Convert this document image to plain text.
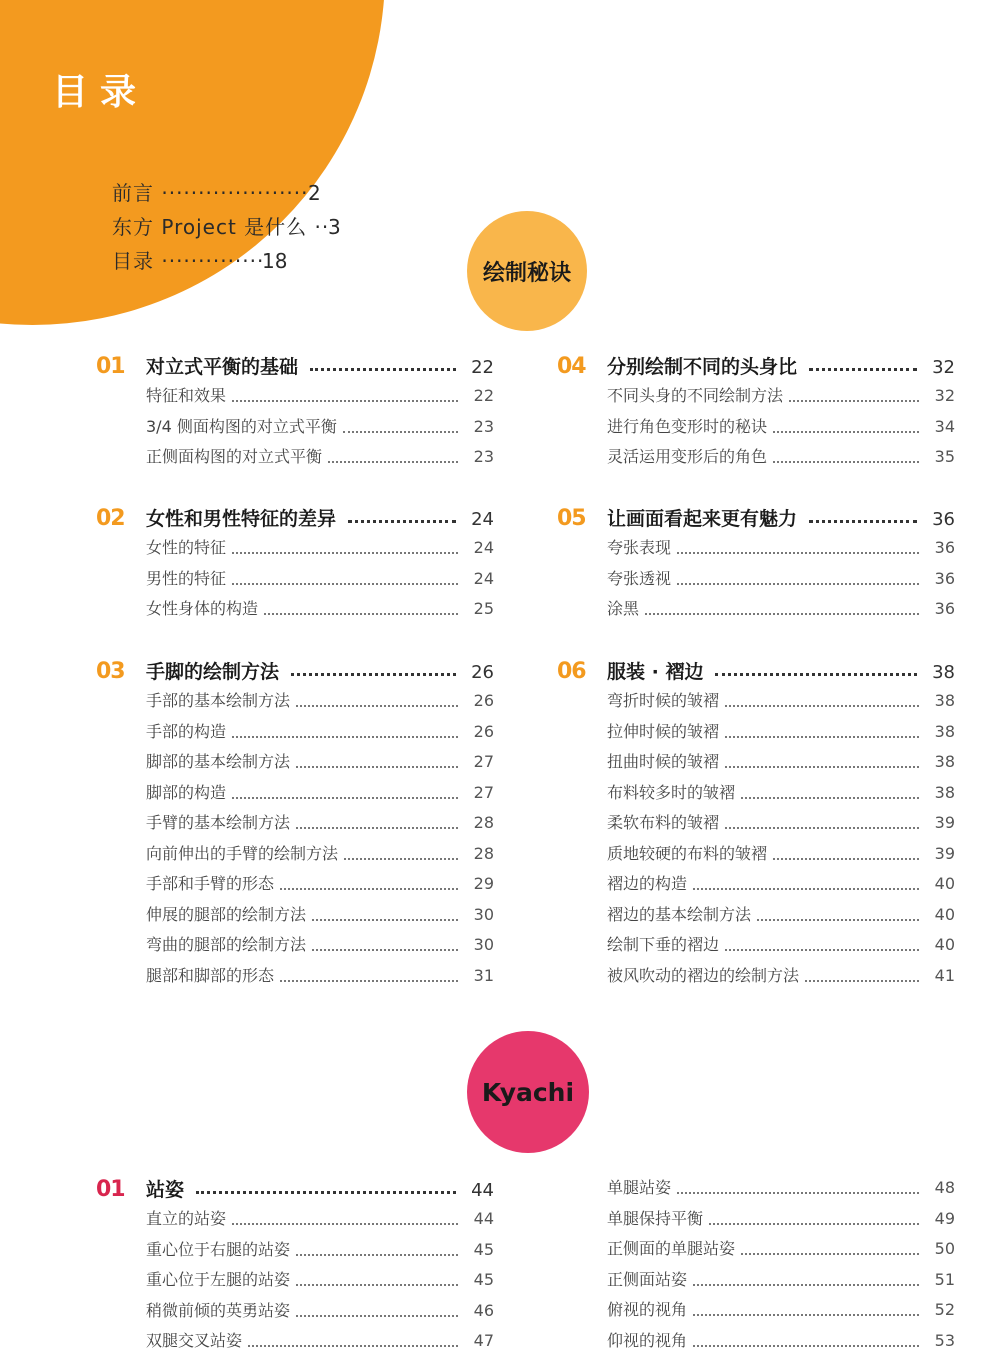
目录
前言 ·····	2
东方 Project 是什么 ·····	3
目录 ·····	18	绘制秘诀
Kyachi
01	对立式平衡的基础	22
特征和效果	22
3/4 侧面构图的对立式平衡	23
正侧面构图的对立式平衡	23
02	女性和男性特征的差异	24
女性的特征	24
男性的特征	24
女性身体的构造	25
03	手脚的绘制方法	26
手部的基本绘制方法	26
手部的构造	26
脚部的基本绘制方法	27
脚部的构造	27
手臂的基本绘制方法	28
向前伸出的手臂的绘制方法	28
手部和手臂的形态	29
伸展的腿部的绘制方法	30
弯曲的腿部的绘制方法	30
腿部和脚部的形态	31
04	分别绘制不同的头身比	32
不同头身的不同绘制方法	32
进行角色变形时的秘诀	34
灵活运用变形后的角色	35
05	让画面看起来更有魅力	36
夸张表现	36
夸张透视	36
涂黑	36
06	服装 · 褶边	38
弯折时候的皱褶	38
拉伸时候的皱褶	38
扭曲时候的皱褶	38
布料较多时的皱褶	38
柔软布料的皱褶	39
质地较硬的布料的皱褶	39
褶边的构造	40
褶边的基本绘制方法	40
绘制下垂的褶边	40
被风吹动的褶边的绘制方法	41
01	站姿	44
直立的站姿	44
重心位于右腿的站姿	45
重心位于左腿的站姿	45
稍微前倾的英勇站姿	46
双腿交叉站姿	47
单腿站姿	48
单腿保持平衡	49
正侧面的单腿站姿	50
正侧面站姿	51
俯视的视角	52
仰视的视角	53
